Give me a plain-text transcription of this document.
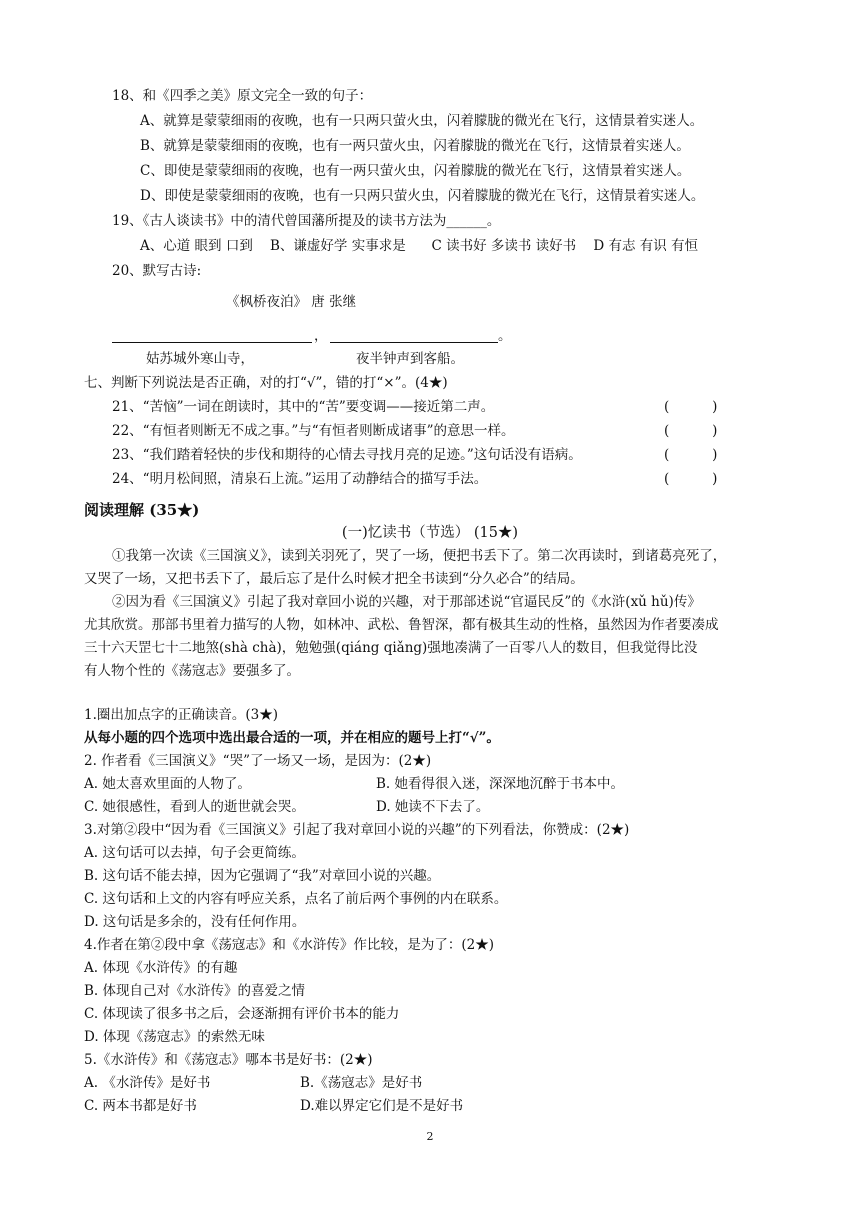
18、和《四季之美》原文完全一致的句子：
A、就算是蒙蒙细雨的夜晚，也有一只两只萤火虫，闪着朦胧的微光在飞行，这情景着实迷人。
B、就算是蒙蒙细雨的夜晚，也有一两只萤火虫，闪着朦胧的微光在飞行，这情景着实迷人。
C、即使是蒙蒙细雨的夜晚，也有一两只萤火虫，闪着朦胧的微光在飞行，这情景着实迷人。
D、即使是蒙蒙细雨的夜晚，也有一只两只萤火虫，闪着朦胧的微光在飞行，这情景着实迷人。
19、《古人谈读书》中的清代曾国藩所提及的读书方法为______。
A、心道 眼到 口到    B、谦虚好学 实事求是      C 读书好 多读书 读好书    D 有志 有识 有恒
20、默写古诗:
《枫桥夜泊》 唐 张继
，	。
姑苏城外寒山寺，	夜半钟声到客船。
七、判断下列说法是否正确，对的打“√”，错的打“×”。(4★)
21、“苦恼”一词在朗读时，其中的“苦”要变调——接近第二声。	(          )
22、“有恒者则断无不成之事。”与“有恒者则断成诸事”的意思一样。	(          )
23、“我们踏着轻快的步伐和期待的心情去寻找月亮的足迹。”这句话没有语病。	(          )
24、“明月松间照，清泉石上流。”运用了动静结合的描写手法。	(          )
阅读理解 (35★)
(一)忆读书（节选） (15★)
①我第一次读《三国演义》，读到关羽死了，哭了一场，便把书丢下了。第二次再读时，到诸葛亮死了，
又哭了一场，又把书丢下了，最后忘了是什么时候才把全书读到“分久必合”的结局。
②因为看《三国演义》引起了我对章回小说的兴趣，对于那部述说“官逼民反”的《水浒(xǔ hǔ)传》
尤其欣赏。那部书里着力描写的人物，如林冲、武松、鲁智深，都有极其生动的性格，虽然因为作者要凑成
三十六天罡七十二地煞(shà chà)，勉勉强(qiáng qiǎng)强地凑满了一百零八人的数目，但我觉得比没
有人物个性的《荡寇志》要强多了。
1.圈出加点字的正确读音。(3★)
从每小题的四个选项中选出最合适的一项，并在相应的题号上打“√”。
2. 作者看《三国演义》“哭”了一场又一场，是因为：(2★)
A. 她太喜欢里面的人物了。	B. 她看得很入迷，深深地沉醉于书本中。
C. 她很感性，看到人的逝世就会哭。	D. 她读不下去了。
3.对第②段中“因为看《三国演义》引起了我对章回小说的兴趣”的下列看法，你赞成：(2★)
A. 这句话可以去掉，句子会更简练。
B. 这句话不能去掉，因为它强调了“我”对章回小说的兴趣。
C. 这句话和上文的内容有呼应关系，点名了前后两个事例的内在联系。
D. 这句话是多余的，没有任何作用。
4.作者在第②段中拿《荡寇志》和《水浒传》作比较，是为了：(2★)
A. 体现《水浒传》的有趣
B. 体现自己对《水浒传》的喜爱之情
C. 体现读了很多书之后，会逐渐拥有评价书本的能力
D. 体现《荡寇志》的索然无味
5.《水浒传》和《荡寇志》哪本书是好书：(2★)
A. 《水浒传》是好书	B.《荡寇志》是好书
C. 两本书都是好书	D.难以界定它们是不是好书
2
